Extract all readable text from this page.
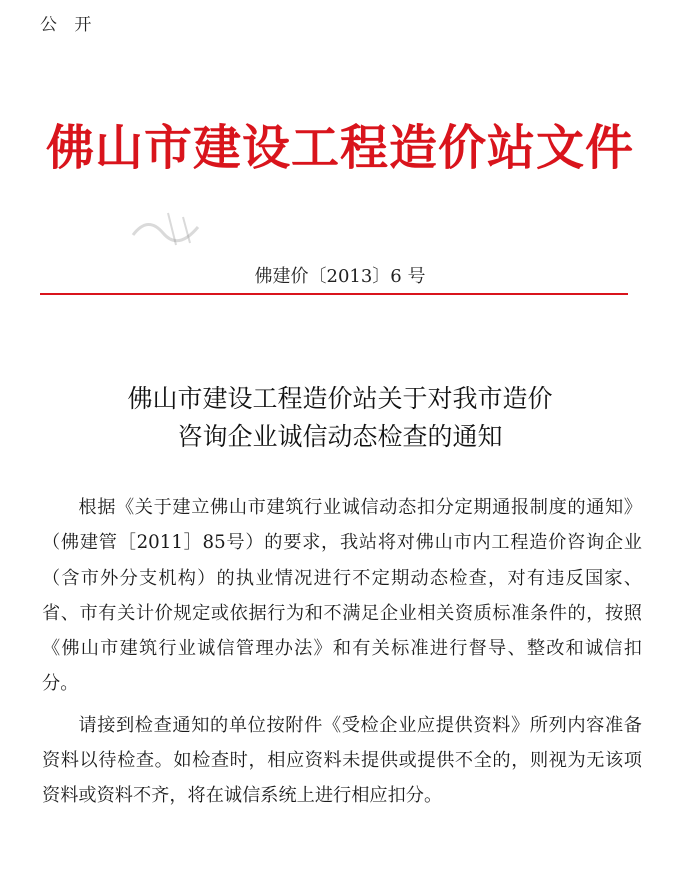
公 开
佛山市建设工程造价站文件
佛建价〔2013〕6 号
佛山市建设工程造价站关于对我市造价
咨询企业诚信动态检查的通知

根据《关于建立佛山市建筑行业诚信动态扣分定期通报制度的通知》（佛建管［2011］85号）的要求，我站将对佛山市内工程造价咨询企业（含市外分支机构）的执业情况进行不定期动态检查，对有违反国家、省、市有关计价规定或依据行为和不满足企业相关资质标准条件的，按照《佛山市建筑行业诚信管理办法》和有关标准进行督导、整改和诚信扣分。

请接到检查通知的单位按附件《受检企业应提供资料》所列内容准备资料以待检查。如检查时，相应资料未提供或提供不全的，则视为无该项资料或资料不齐，将在诚信系统上进行相应扣分。
